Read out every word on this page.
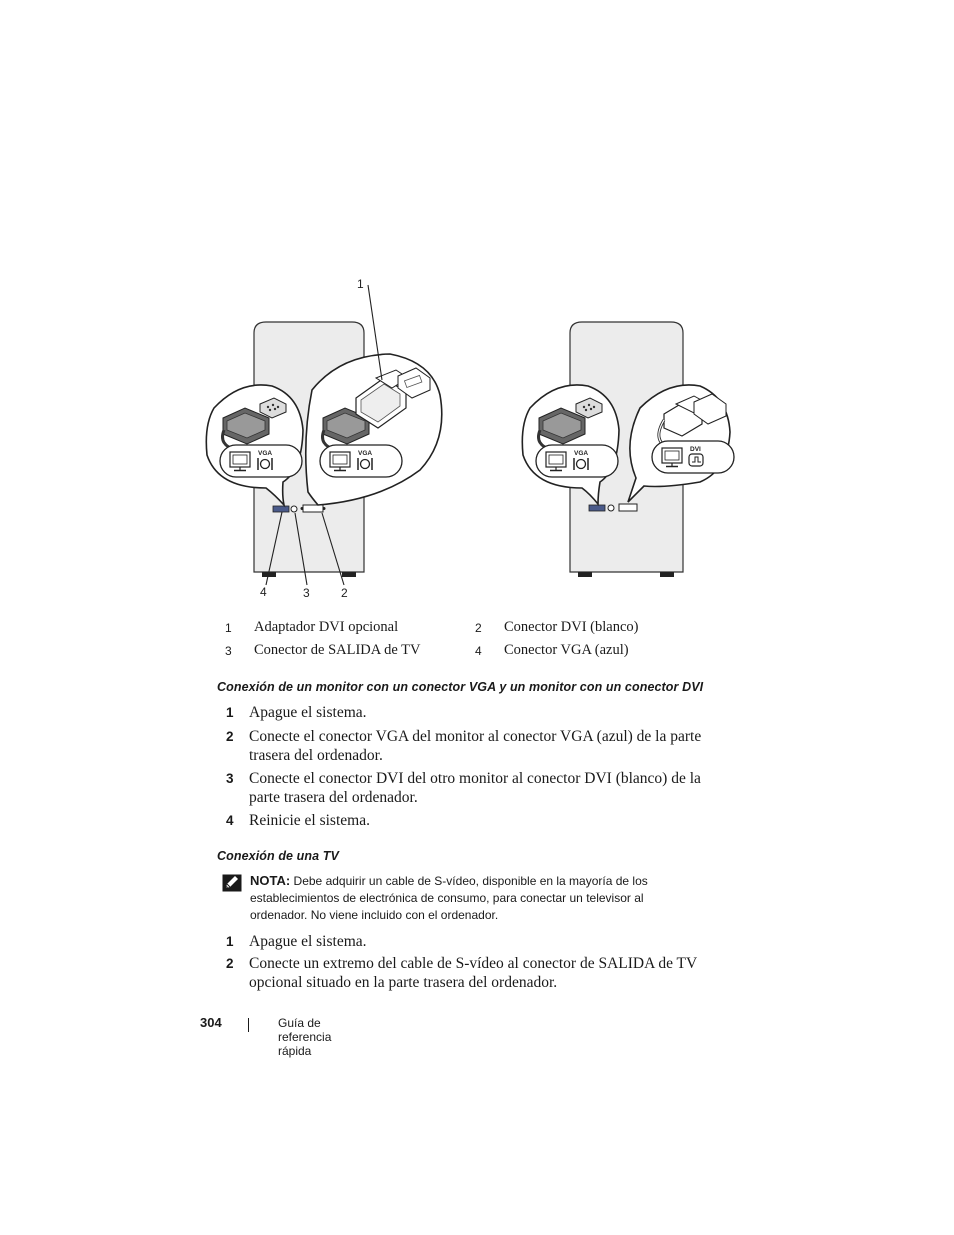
VGA	VGA
1
2
3
4
VGA
DVI
1 Adaptador DVI opcional	2 Conector DVI (blanco)
3 Conector de SALIDA de TV	4 Conector VGA (azul)
Conexión de un monitor con un conector VGA y un monitor con un conector DVI
1 Apague el sistema.
2 Conecte el conector VGA del monitor al conector VGA (azul) de la parte trasera del ordenador.
3 Conecte el conector DVI del otro monitor al conector DVI (blanco) de la parte trasera del ordenador.
4 Reinicie el sistema.
Conexión de una TV
NOTA: Debe adquirir un cable de S-vídeo, disponible en la mayoría de los establecimientos de electrónica de consumo, para conectar un televisor al ordenador. No viene incluido con el ordenador.
1 Apague el sistema.
2 Conecte un extremo del cable de S-vídeo al conector de SALIDA de TV opcional situado en la parte trasera del ordenador.
304	Guía de referencia rápida
